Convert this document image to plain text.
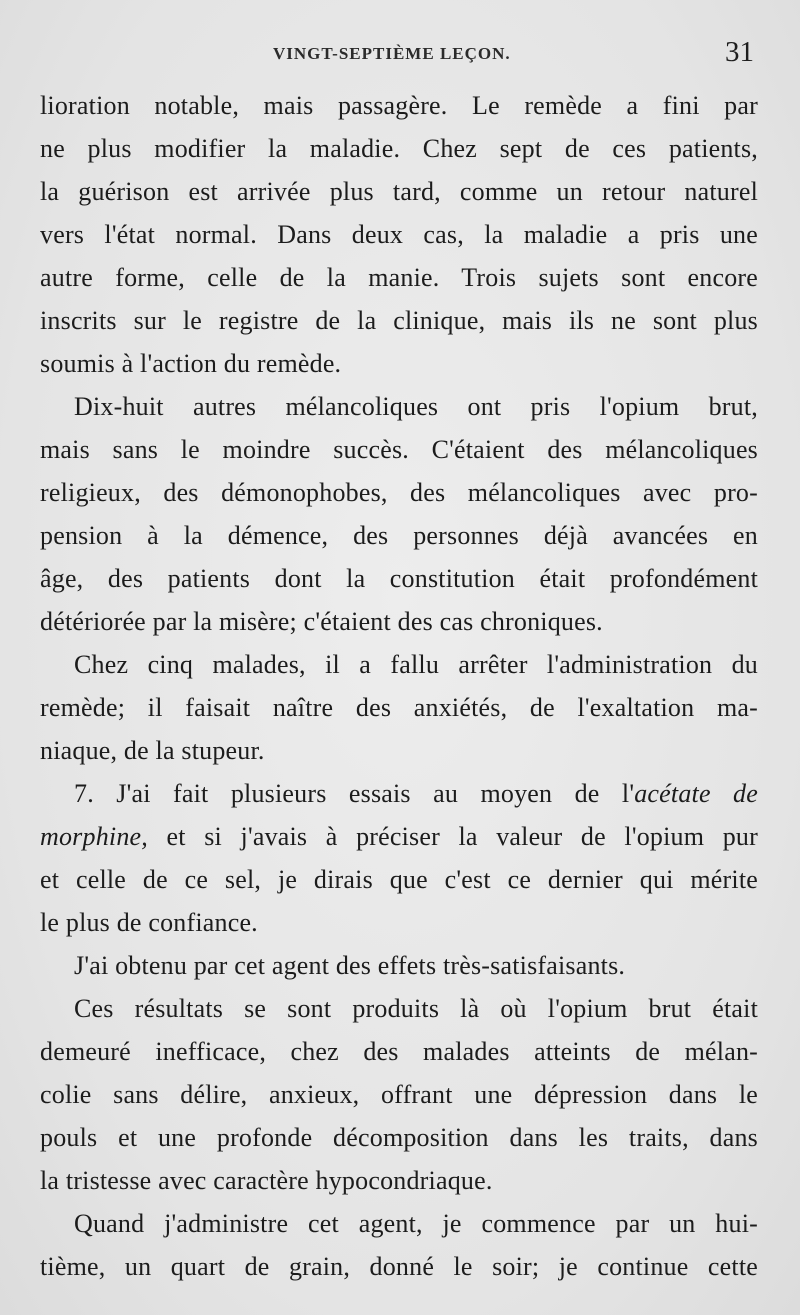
VINGT-SEPTIÈME LEÇON.	31
lioration notable, mais passagère. Le remède a fini par
ne plus modifier la maladie. Chez sept de ces patients,
la guérison est arrivée plus tard, comme un retour naturel
vers l'état normal. Dans deux cas, la maladie a pris une
autre forme, celle de la manie. Trois sujets sont encore
inscrits sur le registre de la clinique, mais ils ne sont plus
soumis à l'action du remède.
Dix-huit autres mélancoliques ont pris l'opium brut,
mais sans le moindre succès. C'étaient des mélancoliques
religieux, des démonophobes, des mélancoliques avec pro-
pension à la démence, des personnes déjà avancées en
âge, des patients dont la constitution était profondément
détériorée par la misère; c'étaient des cas chroniques.
Chez cinq malades, il a fallu arrêter l'administration du
remède; il faisait naître des anxiétés, de l'exaltation ma-
niaque, de la stupeur.
7. J'ai fait plusieurs essais au moyen de l'acétate de
morphine, et si j'avais à préciser la valeur de l'opium pur
et celle de ce sel, je dirais que c'est ce dernier qui mérite
le plus de confiance.
J'ai obtenu par cet agent des effets très-satisfaisants.
Ces résultats se sont produits là où l'opium brut était
demeuré inefficace, chez des malades atteints de mélan-
colie sans délire, anxieux, offrant une dépression dans le
pouls et une profonde décomposition dans les traits, dans
la tristesse avec caractère hypocondriaque.
Quand j'administre cet agent, je commence par un hui-
tième, un quart de grain, donné le soir; je continue cette
